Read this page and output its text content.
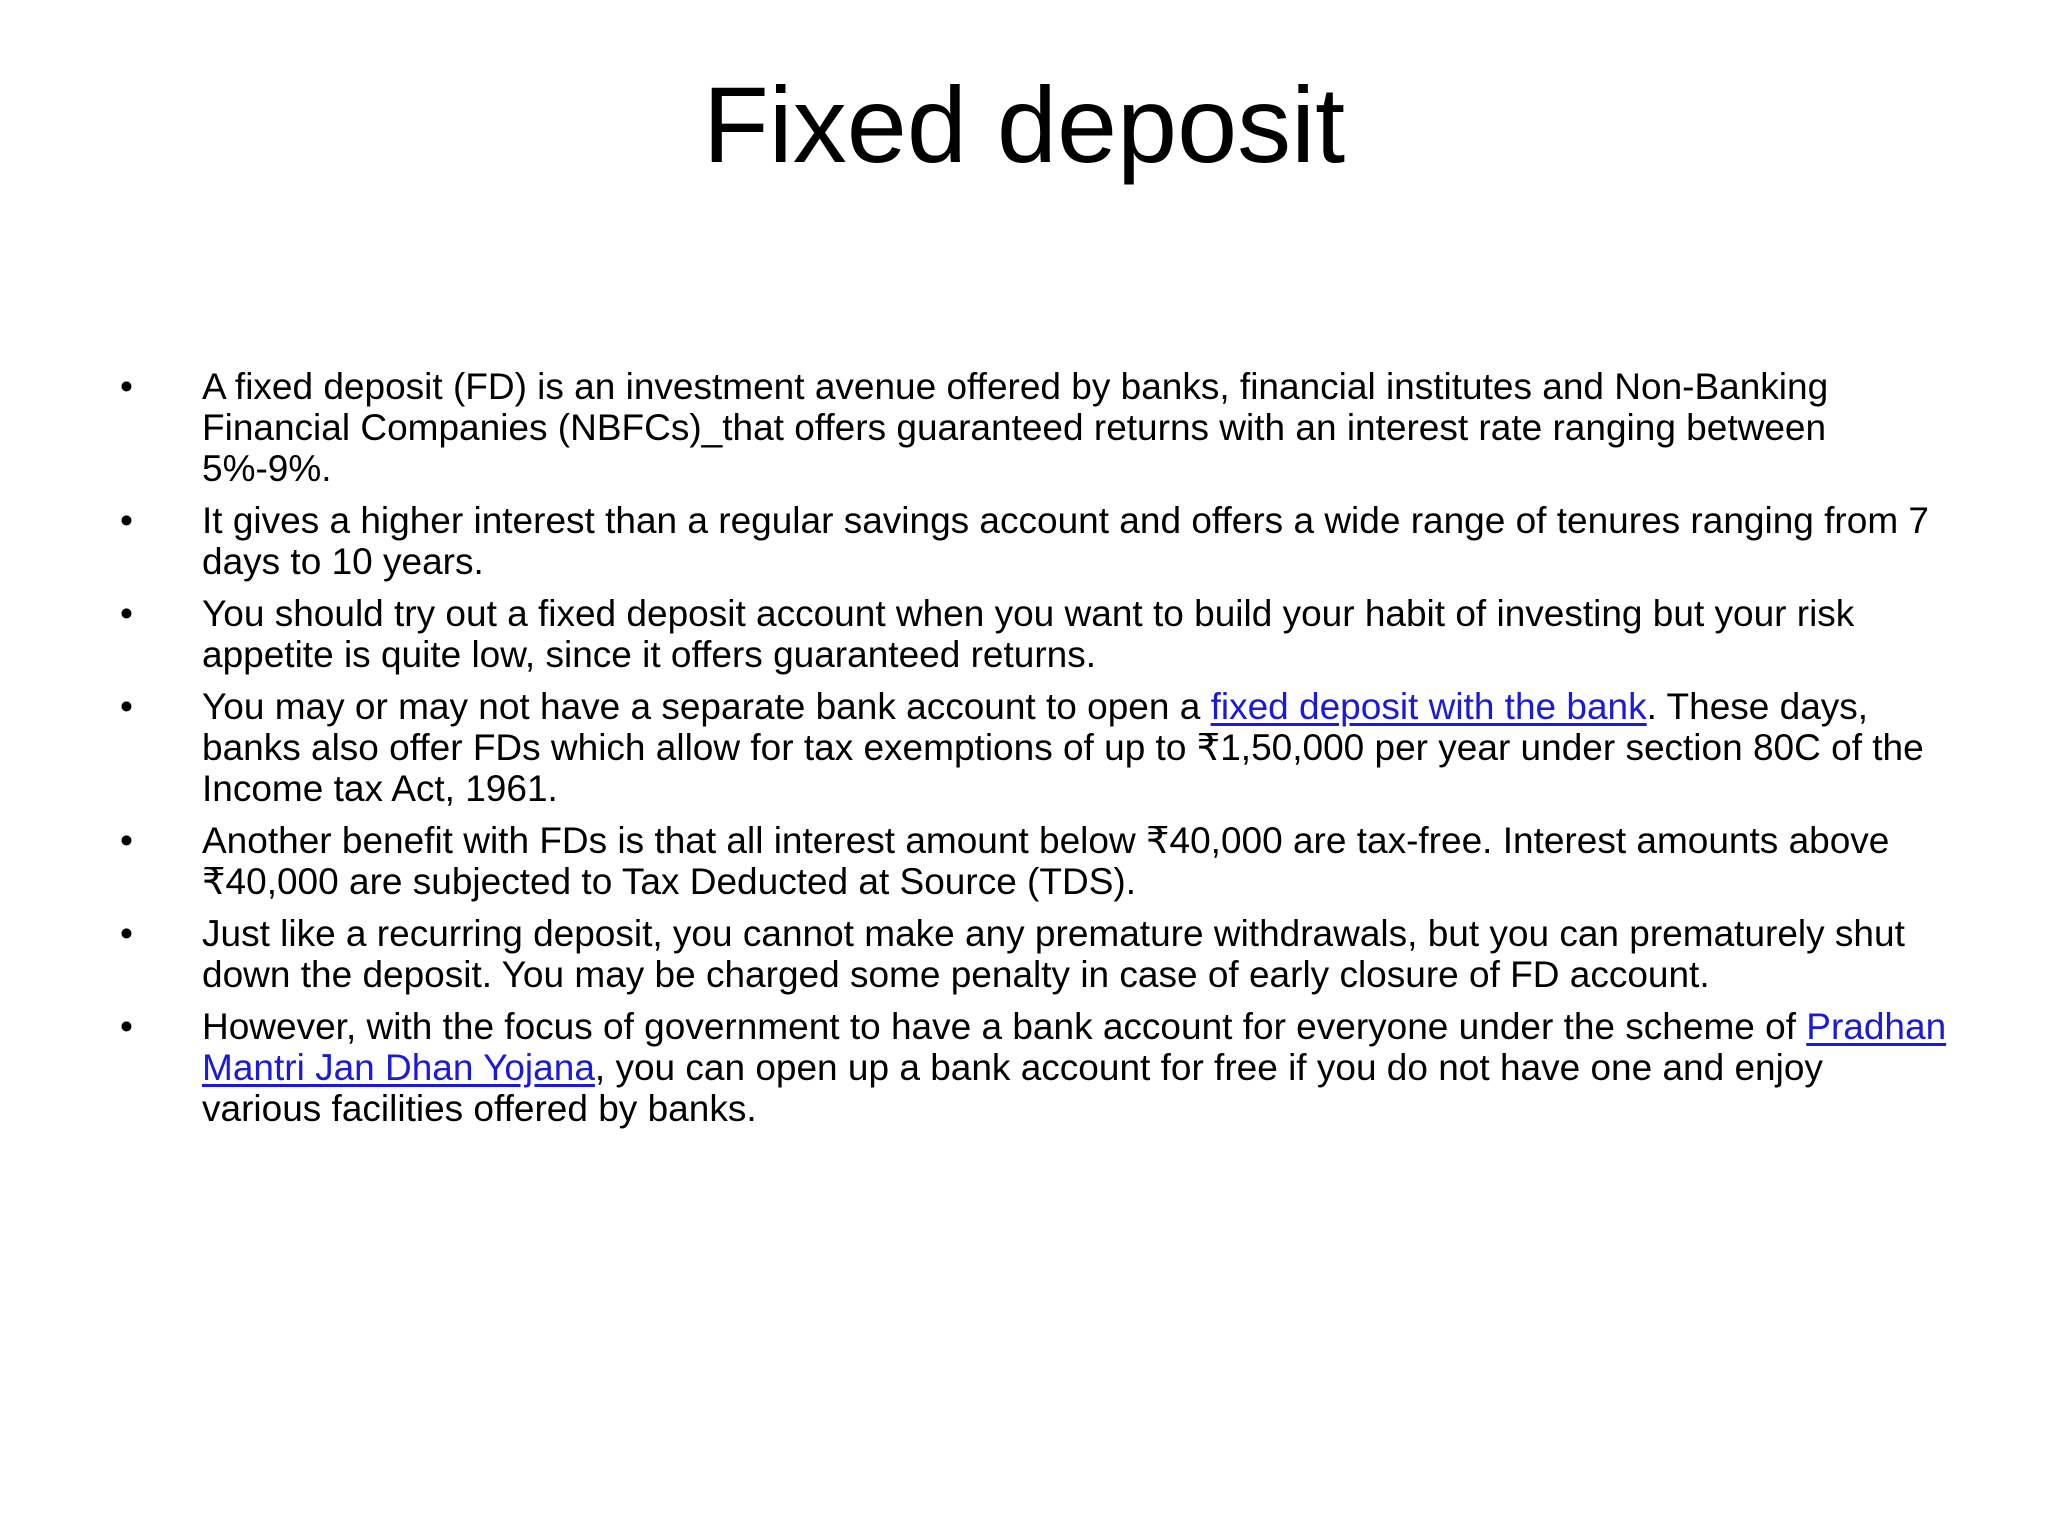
Fixed deposit
• A fixed deposit (FD) is an investment avenue offered by banks, financial institutes and Non-Banking Financial Companies (NBFCs)_that offers guaranteed returns with an interest rate ranging between 5%-9%.
• It gives a higher interest than a regular savings account and offers a wide range of tenures ranging from 7 days to 10 years.
• You should try out a fixed deposit account when you want to build your habit of investing but your risk appetite is quite low, since it offers guaranteed returns.
• You may or may not have a separate bank account to open a fixed deposit with the bank. These days, banks also offer FDs which allow for tax exemptions of up to ₹1,50,000 per year under section 80C of the Income tax Act, 1961.
• Another benefit with FDs is that all interest amount below ₹40,000 are tax-free. Interest amounts above ₹40,000 are subjected to Tax Deducted at Source (TDS).
• Just like a recurring deposit, you cannot make any premature withdrawals, but you can prematurely shut down the deposit. You may be charged some penalty in case of early closure of FD account.
• However, with the focus of government to have a bank account for everyone under the scheme of Pradhan Mantri Jan Dhan Yojana, you can open up a bank account for free if you do not have one and enjoy various facilities offered by banks.
